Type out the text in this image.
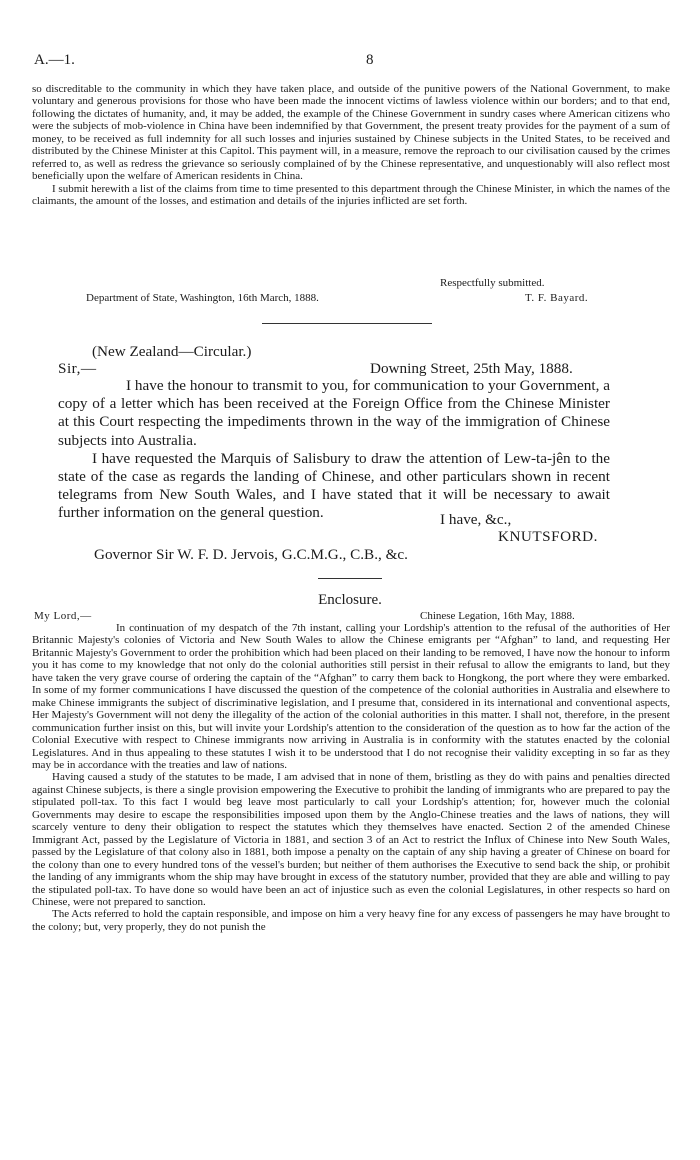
A.—1.	8

so discreditable to the community in which they have taken place, and outside of the punitive powers of the National Government, to make voluntary and generous provisions for those who have been made the innocent victims of lawless violence within our borders; and to that end, following the dictates of humanity, and, it may be added, the example of the Chinese Government in sundry cases where American citizens who were the subjects of mob-violence in China have been indemnified by that Government, the present treaty provides for the payment of a sum of money, to be received as full indemnity for all such losses and injuries sustained by Chinese subjects in the United States, to be received and distributed by the Chinese Minister at this Capitol. This payment will, in a measure, remove the reproach to our civilisation caused by the crimes referred to, as well as redress the grievance so seriously complained of by the Chinese representative, and unquestionably will also reflect most beneficially upon the welfare of American residents in China.

I submit herewith a list of the claims from time to time presented to this department through the Chinese Minister, in which the names of the claimants, the amount of the losses, and estimation and details of the injuries inflicted are set forth.

Respectfully submitted.
Department of State, Washington, 16th March, 1888.	T. F. Bayard.
(New Zealand—Circular.)
Sir,—	Downing Street, 25th May, 1888.

I have the honour to transmit to you, for communication to your Government, a copy of a letter which has been received at the Foreign Office from the Chinese Minister at this Court respecting the impediments thrown in the way of the immigration of Chinese subjects into Australia.

I have requested the Marquis of Salisbury to draw the attention of Lew-ta-jên to the state of the case as regards the landing of Chinese, and other particulars shown in recent telegrams from New South Wales, and I have stated that it will be necessary to await further information on the general question.	I have, &c.,
KNUTSFORD.
Governor Sir W. F. D. Jervois, G.C.M.G., C.B., &c.
Enclosure.
My Lord,—	Chinese Legation, 16th May, 1888.

In continuation of my despatch of the 7th instant, calling your Lordship's attention to the refusal of the authorities of Her Britannic Majesty's colonies of Victoria and New South Wales to allow the Chinese emigrants per “Afghan” to land, and requesting Her Britannic Majesty's Government to order the prohibition which had been placed on their landing to be removed, I have now the honour to inform you it has come to my knowledge that not only do the colonial authorities still persist in their refusal to allow the emigrants to land, but they have taken the very grave course of ordering the captain of the “Afghan” to carry them back to Hongkong, the port where they were embarked. In some of my former communications I have discussed the question of the competence of the colonial authorities in Australia and elsewhere to make Chinese immigrants the subject of discriminative legislation, and I presume that, considered in its international and conventional aspects, Her Majesty's Government will not deny the illegality of the action of the colonial authorities in this matter. I shall not, therefore, in the present communication further insist on this, but will invite your Lordship's attention to the consideration of the question as to how far the action of the Colonial Executive with respect to Chinese immigrants now arriving in Australia is in conformity with the statutes enacted by the colonial Legislatures. And in thus appealing to these statutes I wish it to be understood that I do not recognise their validity excepting in so far as they may be in accordance with the treaties and law of nations.

Having caused a study of the statutes to be made, I am advised that in none of them, bristling as they do with pains and penalties directed against Chinese subjects, is there a single provision empowering the Executive to prohibit the landing of immigrants who are prepared to pay the stipulated poll-tax. To this fact I would beg leave most particularly to call your Lordship's attention; for, however much the colonial Governments may desire to escape the responsibilities imposed upon them by the Anglo-Chinese treaties and the laws of nations, they will scarcely venture to deny their obligation to respect the statutes which they themselves have enacted. Section 2 of the amended Chinese Immigrant Act, passed by the Legislature of Victoria in 1881, and section 3 of an Act to restrict the Influx of Chinese into New South Wales, passed by the Legislature of that colony also in 1881, both impose a penalty on the captain of any ship having a greater of Chinese on board for the colony than one to every hundred tons of the vessel's burden; but neither of them authorises the Executive to send back the ship, or prohibit the landing of any immigrants whom the ship may have brought in excess of the statutory number, provided that they are able and willing to pay the stipulated poll-tax. To have done so would have been an act of injustice such as even the colonial Legislatures, in other respects so hard on Chinese, were not prepared to sanction.

The Acts referred to hold the captain responsible, and impose on him a very heavy fine for any excess of passengers he may have brought to the colony; but, very properly, they do not punish the
